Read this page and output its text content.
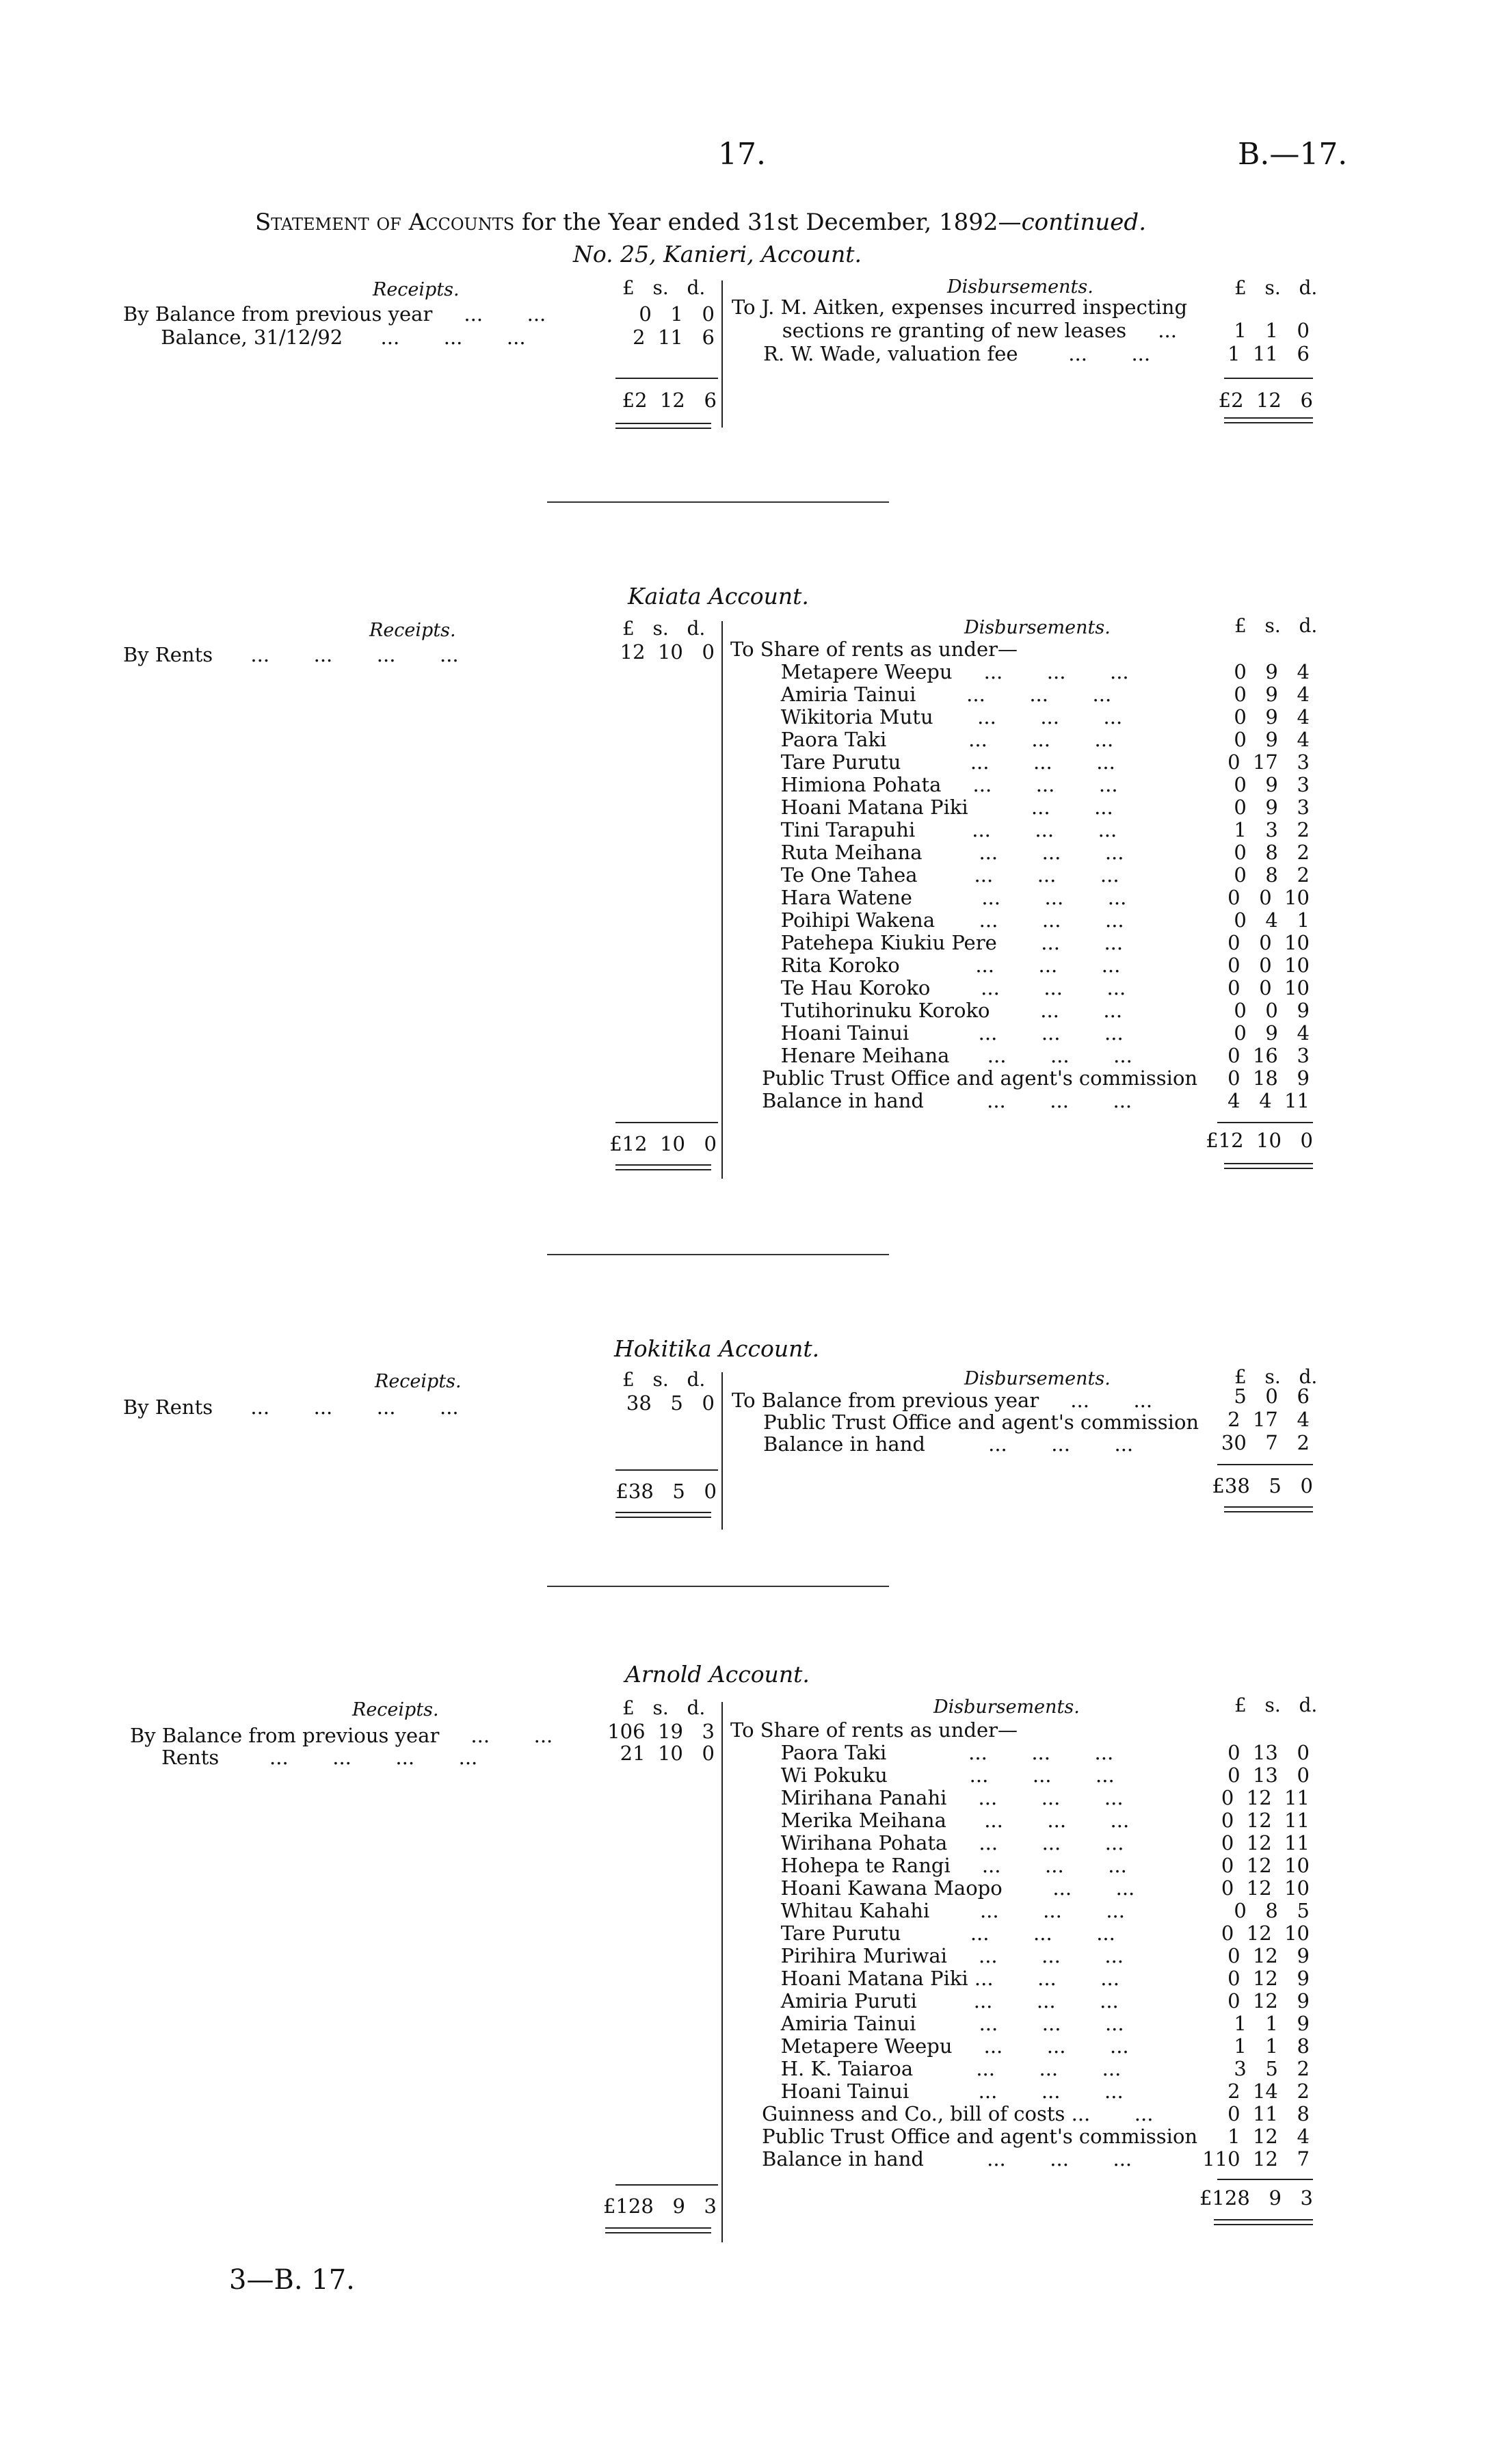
17.	B.—17.
Statement of Accounts for the Year ended 31st December, 1892—continued.
No. 25, Kanieri, Account.
Receipts.	£   s.   d.	Disbursements.	£   s.   d.
By Balance from previous year     ...       ...	0   1   0
Balance, 31/12/92      ...       ...       ...	2  11   6
To J. M. Aitken, expenses incurred inspecting
sections re granting of new leases     ...	1   1   0
R. W. Wade, valuation fee        ...       ...	1  11   6
£2  12   6	£2  12   6
Kaiata Account.
Receipts.	£   s.   d.	Disbursements.	£   s.   d.
By Rents      ...       ...       ...       ...	12  10   0 To Share of rents as under—
Metapere Weepu     ...       ...       ...	0   9   4
Amiria Tainui        ...       ...       ...	0   9   4
Wikitoria Mutu       ...       ...       ...	0   9   4
Paora Taki             ...       ...       ...	0   9   4
Tare Purutu           ...       ...       ...	0  17   3
Himiona Pohata     ...       ...       ...	0   9   3
Hoani Matana Piki          ...       ...	0   9   3
Tini Tarapuhi         ...       ...       ...	1   3   2
Ruta Meihana         ...       ...       ...	0   8   2
Te One Tahea         ...       ...       ...	0   8   2
Hara Watene           ...       ...       ...	0   0  10
Poihipi Wakena       ...       ...       ...	0   4   1
Patehepa Kiukiu Pere       ...       ...	0   0  10
Rita Koroko            ...       ...       ...	0   0  10
Te Hau Koroko        ...       ...       ...	0   0  10
Tutihorinuku Koroko        ...       ...	0   0   9
Hoani Tainui           ...       ...       ...	0   9   4
Henare Meihana      ...       ...       ...	0  16   3
Public Trust Office and agent's commission	0  18   9
Balance in hand          ...       ...       ...	4   4  11
£12  10   0	£12  10   0
Hokitika Account.
Receipts.	£   s.   d.	Disbursements.	£   s.   d.
By Rents      ...       ...       ...       ...	38   5   0 To Balance from previous year     ...       ...	5   0   6
Public Trust Office and agent's commission	2  17   4
Balance in hand          ...       ...       ...	30   7   2
£38   5   0	£38   5   0
Arnold Account.
Receipts.	£   s.   d.	Disbursements.	£   s.   d.
By Balance from previous year     ...       ...	106  19   3
Rents        ...       ...       ...       ...	21  10   0
To Share of rents as under—
Paora Taki             ...       ...       ...	0  13   0
Wi Pokuku             ...       ...       ...	0  13   0
Mirihana Panahi     ...       ...       ...	0  12  11
Merika Meihana      ...       ...       ...	0  12  11
Wirihana Pohata     ...       ...       ...	0  12  11
Hohepa te Rangi     ...       ...       ...	0  12  10
Hoani Kawana Maopo        ...       ...	0  12  10
Whitau Kahahi        ...       ...       ...	0   8   5
Tare Purutu           ...       ...       ...	0  12  10
Pirihira Muriwai     ...       ...       ...	0  12   9
Hoani Matana Piki ...       ...       ...	0  12   9
Amiria Puruti         ...       ...       ...	0  12   9
Amiria Tainui          ...       ...       ...	1   1   9
Metapere Weepu     ...       ...       ...	1   1   8
H. K. Taiaroa          ...       ...       ...	3   5   2
Hoani Tainui           ...       ...       ...	2  14   2
Guinness and Co., bill of costs ...       ...	0  11   8
Public Trust Office and agent's commission	1  12   4
Balance in hand          ...       ...       ...	110  12   7
£128   9   3	£128   9   3
3—B. 17.
